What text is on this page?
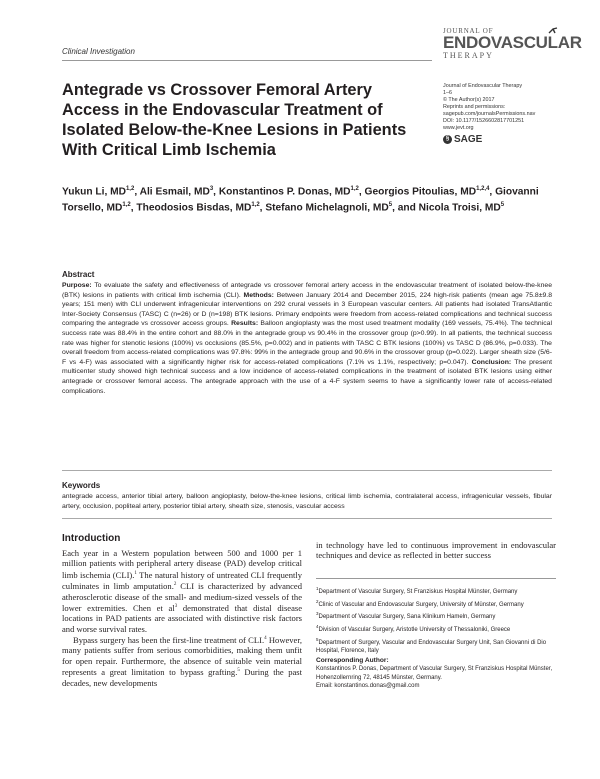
Clinical Investigation
JOURNAL OF
ENDOVASCULAR
THERAPY
Journal of Endovascular Therapy
1–6
© The Author(s) 2017
Reprints and permissions:
sagepub.com/journalsPermissions.nav
DOI: 10.1177/1526602817701251
www.jevt.org
§ SAGE
Antegrade vs Crossover Femoral Artery Access in the Endovascular Treatment of Isolated Below-the-Knee Lesions in Patients With Critical Limb Ischemia
Yukun Li, MD$^{1,2}$, Ali Esmail, $MD^3$, Konstantinos P. Donas, MD$^{1,2}$, Georgios Pitoulias, MD$^{1,2,4}$, Giovanni Torsello, MD$^{1,2}$, Theodosios Bisdas, MD$^{1,2}$, Stefano Michelagnoli, $MD^5$, and Nicola Troisi, $MD^5$
Abstract
Purpose: To evaluate the safety and effectiveness of antegrade vs crossover femoral artery access in the endovascular treatment of isolated below-the-knee (BTK) lesions in patients with critical limb ischemia (CLI). Methods: Between January 2014 and December 2015, 224 high-risk patients (mean age 75.8±9.8 years; 151 men) with CLI underwent infragenicular interventions on 292 crural vessels in 3 European vascular centers. All patients had isolated TransAtlantic Inter-Society Consensus (TASC) C (n=26) or D (n=198) BTK lesions. Primary endpoints were freedom from access-related complications and technical success comparing the antegrade vs crossover access groups. Results: Balloon angioplasty was the most used treatment modality (169 vessels, 75.4%). The technical success rate was 88.4% in the entire cohort and 88.0% in the antegrade group vs 90.4% in the crossover group (p>0.99). In all patients, the technical success rate was higher for stenotic lesions (100%) vs occlusions (85.5%, p=0.002) and in patients with TASC C BTK lesions (100%) vs TASC D (86.9%, p=0.033). The overall freedom from access-related complications was 97.8%: 99% in the antegrade group and 90.6% in the crossover group (p=0.022). Larger sheath size (5/6-F vs 4-F) was associated with a significantly higher risk for access-related complications (7.1% vs 1.1%, respectively; p=0.047). Conclusion: The present multicenter study showed high technical success and a low incidence of access-related complications in the treatment of isolated BTK lesions using either antegrade or crossover femoral access. The antegrade approach with the use of a 4-F system seems to have a significantly lower rate of access-related complications.
Keywords
antegrade access, anterior tibial artery, balloon angioplasty, below-the-knee lesions, critical limb ischemia, contralateral access, infragenicular vessels, fibular artery, occlusion, popliteal artery, posterior tibial artery, sheath size, stenosis, vascular access
Introduction

Each year in a Western population between 500 and 1000 per 1 million patients with peripheral artery disease (PAD) develop critical limb ischemia (CLI).$^1$ The natural history of untreated CLI frequently culminates in limb amputation.$^2$ CLI is characterized by advanced atherosclerotic disease of the small- and medium-sized vessels of the lower extremities. Chen et $al^3$ demonstrated that distal disease locations in PAD patients are associated with distinctive risk factors and worse survival rates.

Bypass surgery has been the first-line treatment of CLI.$^4$ However, many patients suffer from serious comorbidities, making them unfit for open repair. Furthermore, the absence of suitable vein material represents a great limitation to bypass grafting.$^5$ During the past decades, new developments

in technology have led to continuous improvement in endovascular techniques and device as reflected in better success
$^1$Department of Vascular Surgery, St Franziskus Hospital Münster, Germany
$^2$Clinic of Vascular and Endovascular Surgery, University of Münster, Germany
$^3$Department of Vascular Surgery, Sana Klinikum Hameln, Germany
$^4$Division of Vascular Surgery, Aristotle University of Thessaloniki, Greece
$^5$Department of Surgery, Vascular and Endovascular Surgery Unit, San Giovanni di Dio Hospital, Florence, Italy
Corresponding Author:
Konstantinos P. Donas, Department of Vascular Surgery, St Franziskus Hospital Münster, Hohenzollernring 72, 48145 Münster, Germany.
Email: konstantinos.donas@gmail.com
